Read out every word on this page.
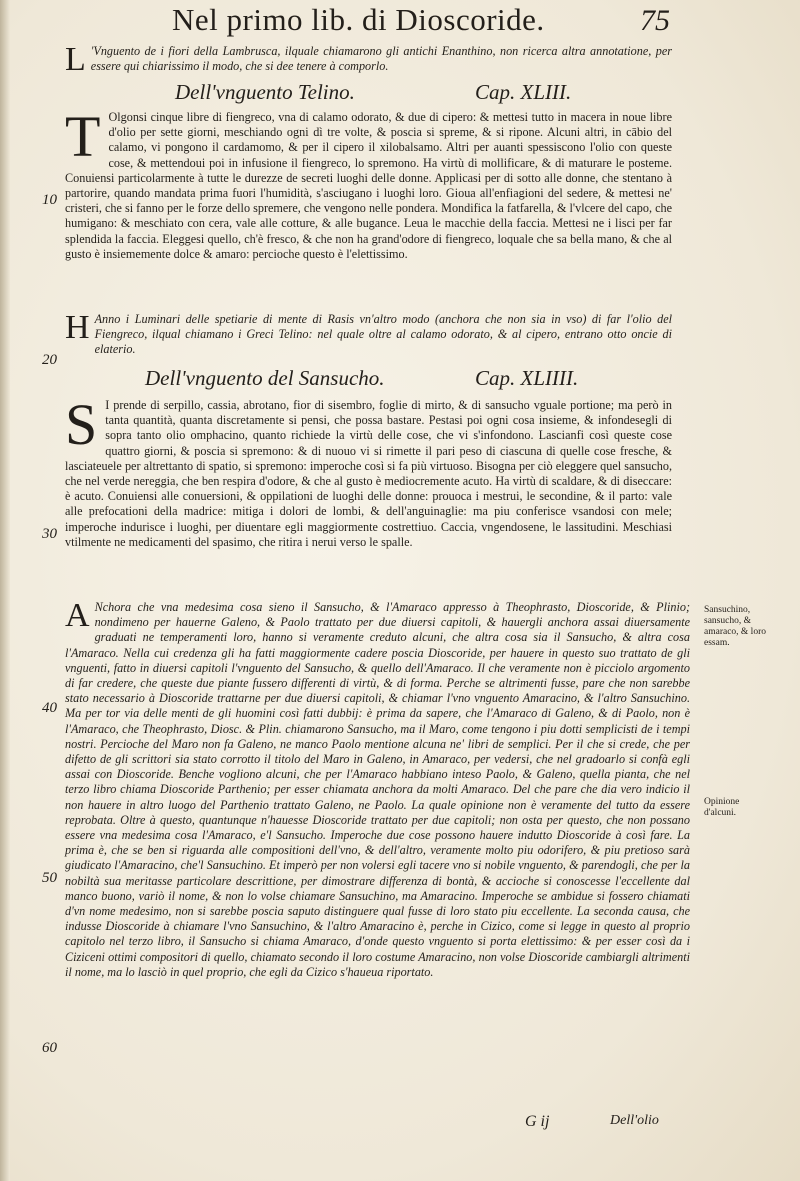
Nel primo lib. di Dioscoride.	75
L 'Vnguento de i fiori della Lambrusca, ilquale chiamarono gli antichi Enanthino, non ricerca altra annotatione, per essere qui chiarissimo il modo, che si dee tenere à comporlo.
Dell'vnguento Telino.	Cap. XLIII.
T Olgonsi cinque libre di fiengreco, vna di calamo odorato, & due di cipero: & mettesi tutto in macera in noue libre d'olio per sette giorni, meschiando ogni dì tre volte, & poscia si spreme, & si ripone. Alcuni altri, in cābio del calamo, vi pongono il cardamomo, & per il cipero il xilobalsamo. Altri per auanti spessiscono l'olio con queste cose, & mettendoui poi in infusione il fiengreco, lo spremono. Ha virtù di mollificare, & di maturare le posteme. Conuiensi particolarmente à tutte le durezze de secreti luoghi delle donne. Applicasi per di sotto alle donne, che stentano à partorire, quando mandata prima fuori l'humidità, s'asciugano i luoghi loro. Gioua all'enfiagioni del sedere, & mettesi ne' cristeri, che si fanno per le forze dello spremere, che vengono nelle pondera. Mondifica la fatfarella, & l'vlcere del capo, che humigano: & meschiato con cera, vale alle cotture, & alle bugance. Leua le macchie della faccia. Mettesi ne i lisci per far splendida la faccia. Eleggesi quello, ch'è fresco, & che non ha grand'odore di fiengreco, loquale che sa bella mano, & che al gusto è insiememente dolce & amaro: percioche questo è l'elettissimo.
H Anno i Luminari delle spetiarie di mente di Rasis vn'altro modo (anchora che non sia in vso) di far l'olio del Fiengreco, ilqual chiamano i Greci Telino: nel quale oltre al calamo odorato, & al cipero, entrano otto oncie di elaterio.
Dell'vnguento del Sansucho.	Cap. XLIIII.
S I prende di serpillo, cassia, abrotano, fior di sisembro, foglie di mirto, & di sansucho vguale portione; ma però in tanta quantità, quanta discretamente si pensi, che possa bastare. Pestasi poi ogni cosa insieme, & infondesegli di sopra tanto olio omphacino, quanto richiede la virtù delle cose, che vi s'infondono. Lascianfi così queste cose quattro giorni, & poscia si spremono: & di nuouo vi si rimette il pari peso di ciascuna di quelle cose fresche, & lasciateuele per altrettanto di spatio, si spremono: imperoche così si fa più virtuoso. Bisogna per ciò eleggere quel sansucho, che nel verde nereggia, che ben respira d'odore, & che al gusto è mediocremente acuto. Ha virtù di scaldare, & di diseccare: è acuto. Conuiensi alle conuersioni, & oppilationi de luoghi delle donne: prouoca i mestrui, le secondine, & il parto: vale alle prefocationi della madrice: mitiga i dolori de lombi, & dell'anguinaglie: ma piu conferisce vsandosi con mele; imperoche indurisce i luoghi, per diuentare egli maggiormente costrettiuo. Caccia, vngendosene, le lassitudini. Meschiasi vtilmente ne medicamenti del spasimo, che ritira i nerui verso le spalle.
A Nchora che vna medesima cosa sieno il Sansucho, & l'Amaraco appresso à Theophrasto, Dioscoride, & Plinio; nondimeno per hauerne Galeno, & Paolo trattato per due diuersi capitoli, & hauergli anchora assai diuersamente graduati ne temperamenti loro, hanno si veramente creduto alcuni, che altra cosa sia il Sansucho, & altra cosa l'Amaraco. Nella cui credenza gli ha fatti maggiormente cadere poscia Dioscoride, per hauere in questo suo trattato de gli vnguenti, fatto in diuersi capitoli l'vnguento del Sansucho, & quello dell'Amaraco. Il che veramente non è picciolo argomento di far credere, che queste due piante fussero differenti di virtù, & di forma. Perche se altrimenti fusse, pare che non sarebbe stato necessario à Dioscoride trattarne per due diuersi capitoli, & chiamar l'vno vnguento Amaracino, & l'altro Sansuchino. Ma per tor via delle menti de gli huomini così fatti dubbij: è prima da sapere, che l'Amaraco di Galeno, & di Paolo, non è l'Amaraco, che Theophrasto, Diosc. & Plin. chiamarono Sansucho, ma il Maro, come tengono i piu dotti semplicisti de i tempi nostri. Percioche del Maro non fa Galeno, ne manco Paolo mentione alcuna ne' libri de semplici. Per il che si crede, che per difetto de gli scrittori sia stato corrotto il titolo del Maro in Galeno, in Amaraco, per vedersi, che nel gradoarlo si confà egli assai con Dioscoride. Benche vogliono alcuni, che per l'Amaraco habbiano inteso Paolo, & Galeno, quella pianta, che nel terzo libro chiama Dioscoride Parthenio; per esser chiamata anchora da molti Amaraco. Del che pare che dia vero indicio il non hauere in altro luogo del Parthenio trattato Galeno, ne Paolo. La quale opinione non è veramente del tutto da essere reprobata. Oltre à questo, quantunque n'hauesse Dioscoride trattato per due capitoli; non osta per questo, che non possano essere vna medesima cosa l'Amaraco, e'l Sansucho. Imperoche due cose possono hauere indutto Dioscoride à così fare. La prima è, che se ben si riguarda alle compositioni dell'vno, & dell'altro, veramente molto piu odorifero, & piu pretioso sarà giudicato l'Amaracino, che'l Sansuchino. Et imperò per non volersi egli tacere vno si nobile vnguento, & parendogli, che per la nobiltà sua meritasse particolare descrittione, per dimostrare differenza di bontà, & accioche si conoscesse l'eccellente dal manco buono, variò il nome, & non lo volse chiamare Sansuchino, ma Amaracino. Imperoche se ambidue si fossero chiamati d'vn nome medesimo, non si sarebbe poscia saputo distinguere qual fusse di loro stato piu eccellente. La seconda causa, che indusse Dioscoride à chiamare l'vno Sansuchino, & l'altro Amaracino è, perche in Cizico, come si legge in questo al proprio capitolo nel terzo libro, il Sansucho si chiama Amaraco, d'onde questo vnguento si porta elettissimo: & per esser così da i Ciziceni ottimi compositori di quello, chiamato secondo il loro costume Amaracino, non volse Dioscoride cambiargli altrimenti il nome, ma lo lasciò in quel proprio, che egli da Cizico s'haueua riportato.
Sansuchino, sansucho, & amaraco, & loro essam.
Opinione d'alcuni.
10
20
30
40
50
60
G ij	Dell'olio
